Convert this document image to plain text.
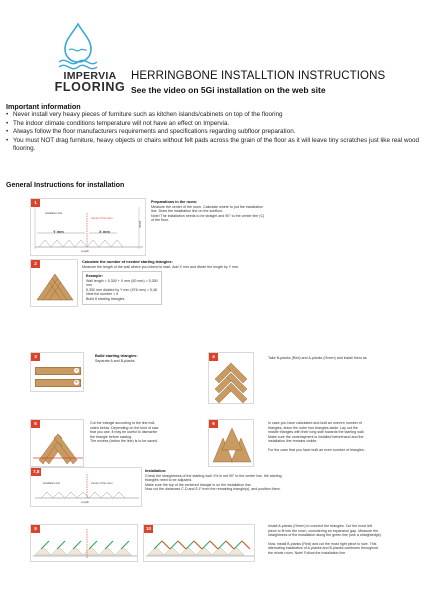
IMPERVIA
FLOORING
HERRINGBONE INSTALLTION INSTRUCTIONS
See the video on 5Gi installation on the web site
Important information
• Never install very heavy pieces of furniture such as kitchen islands/cabinets on top of the flooring
• The indoor climate conditions temperature will not have an effect on Impervia.
• Always follow the floor manufacturers requirements and specifications regarding subfloor preparation.
• You must NOT drag furniture, heavy objects or chairs without felt pads across the grain of the floor as it will leave tiny scratches just like real wood flooring.
General Instructions for installation
1
Installation line
Center of the room
Y mm	X mm
Width
Length
Preparations in the room:

Measure the center of the room. Calculate where to put the installation

line. Draw the installation line on the subfloor.

Note! The installation needs to be straight and 90° to the center line (C)

of the floor.

2	Calculate the number of needed starting triangles:

Measure the length of the wall where you intend to start. Add X mm and divide the length by Y mm.

Example:

Wall length = 5,300 + X mm (50 mm) = 5,350 mm

5,350 mm divided by Y mm (976 mm) = 5,48

Next full number = 6

Build 6 starting triangles.

3
A
B
Build starting triangles:

Separate A and B-planks

4	Take B-planks (Red) and A-planks (Green) and install them as

5	Cut the triangle according to the line indi-

cated below. Depending on the kind of saw

that you use, it may be useful to dismantle

the triangle before sawing.

The excess (below the line) is to be saved.

6	In case you have calculated and built an uneven number of

triangles, leave the outer two triangles aside. Lay out the

middle triangles with their long side towards the starting wall.

Make sure the underlayment is installed beforehand and the

installation line remains visible.

For the case that you have built an even number of triangles,

7,8
Installation line	Center of the room
Length
Installation:

Check the straightness of the starting wall. If it is not 90° to the center line, the starting

triangles need to be adjusted.

Make sure the top of the centered triangle is on the installation line.

Now cut the distances C-D and E-F from the remaining triangle(s), and position them.

9	10	Install A-planks (Green) to connect the triangles. Cut the most left

piece to fit into the room, considering an expansion gap. Measure the

straightness of the installation along the green line (use a straightedge).

Now, install B-planks (Red) and cut the most right piece to size. This

alternating installation of A-planks and B-planks continues throughout

the whole room. Note! Follow the installation line.
